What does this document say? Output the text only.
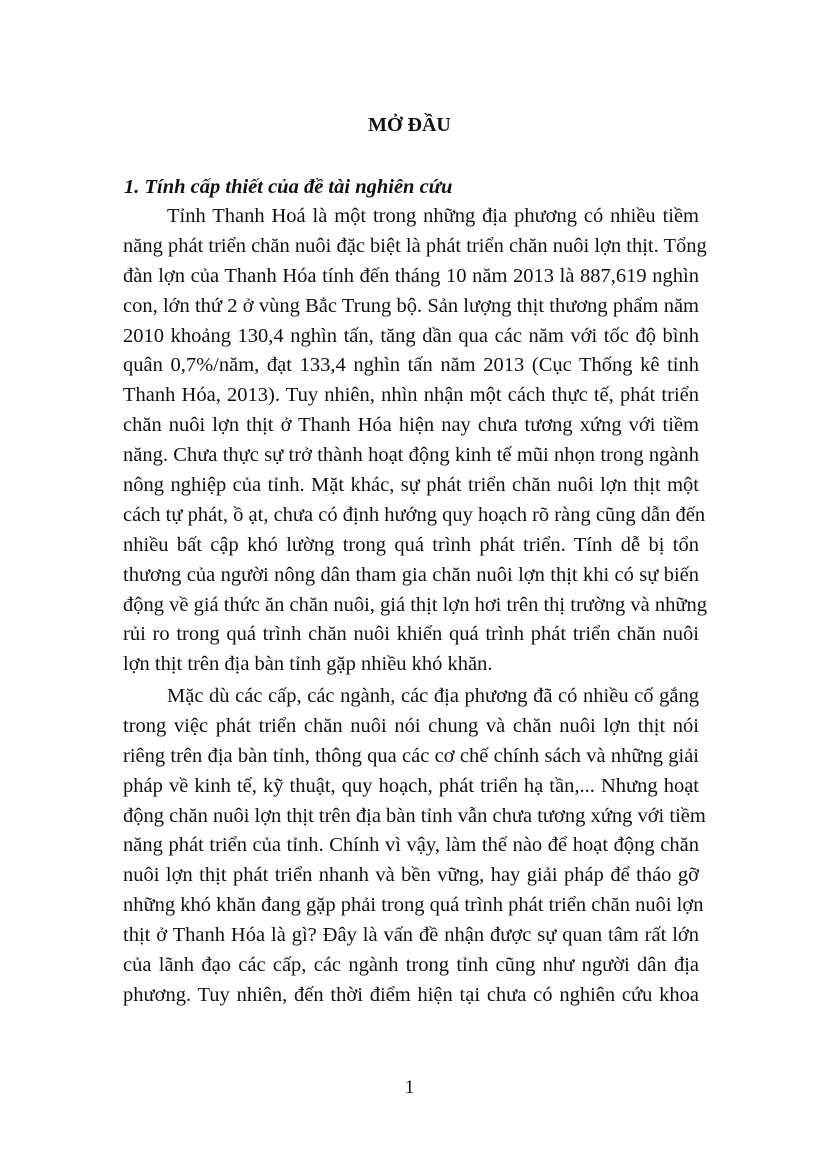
MỞ ĐẦU
1. Tính cấp thiết của đề tài nghiên cứu
Tỉnh Thanh Hoá là một trong những địa phương có nhiều tiềm
năng phát triển chăn nuôi đặc biệt là phát triển chăn nuôi lợn thịt. Tổng
đàn lợn của Thanh Hóa tính đến tháng 10 năm 2013 là 887,619 nghìn
con, lớn thứ 2 ở vùng Bắc Trung bộ. Sản lượng thịt thương phẩm năm
2010 khoảng 130,4 nghìn tấn, tăng dần qua các năm với tốc độ bình
quân 0,7%/năm, đạt 133,4 nghìn tấn năm 2013 (Cục Thống kê tỉnh
Thanh Hóa, 2013). Tuy nhiên, nhìn nhận một cách thực tế, phát triển
chăn nuôi lợn thịt ở Thanh Hóa hiện nay chưa tương xứng với tiềm
năng. Chưa thực sự trở thành hoạt động kinh tế mũi nhọn trong ngành
nông nghiệp của tỉnh. Mặt khác, sự phát triển chăn nuôi lợn thịt một
cách tự phát, ồ ạt, chưa có định hướng quy hoạch rõ ràng cũng dẫn đến
nhiều bất cập khó lường trong quá trình phát triển. Tính dễ bị tổn
thương của người nông dân tham gia chăn nuôi lợn thịt khi có sự biến
động về giá thức ăn chăn nuôi, giá thịt lợn hơi trên thị trường và những
rủi ro trong quá trình chăn nuôi khiến quá trình phát triển chăn nuôi
lợn thịt trên địa bàn tỉnh gặp nhiều khó khăn.
Mặc dù các cấp, các ngành, các địa phương đã có nhiều cố gắng
trong việc phát triển chăn nuôi nói chung và chăn nuôi lợn thịt nói
riêng trên địa bàn tỉnh, thông qua các cơ chế chính sách và những giải
pháp về kinh tế, kỹ thuật, quy hoạch, phát triển hạ tần,... Nhưng hoạt
động chăn nuôi lợn thịt trên địa bàn tỉnh vẫn chưa tương xứng với tiềm
năng phát triển của tỉnh. Chính vì vậy, làm thế nào để hoạt động chăn
nuôi lợn thịt phát triển nhanh và bền vững, hay giải pháp để tháo gỡ
những khó khăn đang gặp phải trong quá trình phát triển chăn nuôi lợn
thịt ở Thanh Hóa là gì? Đây là vấn đề nhận được sự quan tâm rất lớn
của lãnh đạo các cấp, các ngành trong tỉnh cũng như người dân địa
phương. Tuy nhiên, đến thời điểm hiện tại chưa có nghiên cứu khoa
1
